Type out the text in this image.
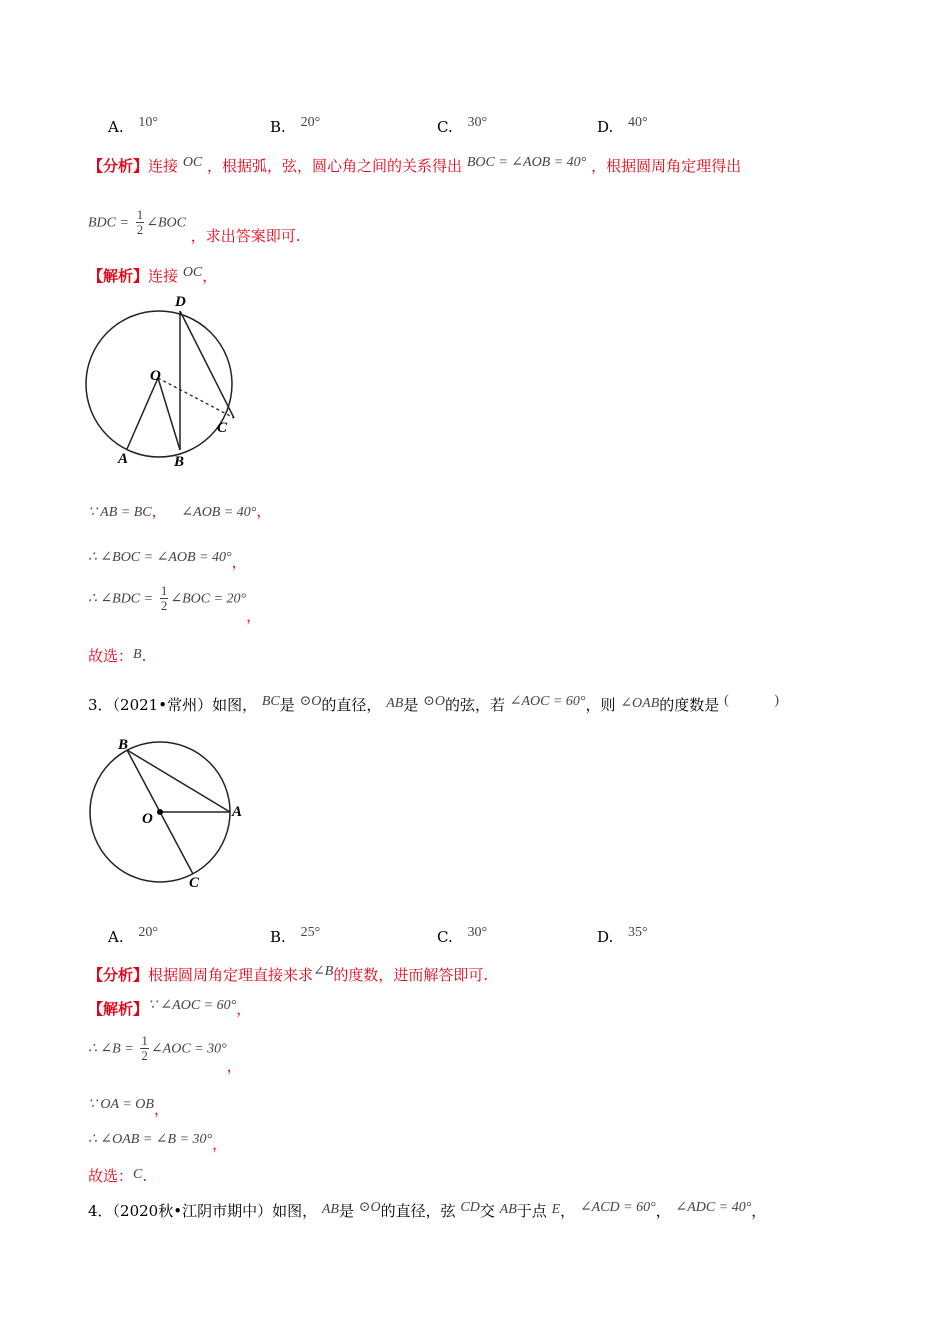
A. 10°	B. 20°	C. 30°	D. 40°
【分析】连接 OC ，根据弧，弦，圆心角之间的关系得出 BOC = ∠AOB = 40° ，根据圆周角定理得出
BDC = $\frac{1}{2}$ ∠BOC ，求出答案即可.
【解析】连接 OC，
D
O
C
A	B
∵ AB = BC， ∠AOB = 40°，
∴ ∠BOC = ∠AOB = 40°，
∴ ∠BDC = $\frac{1}{2}$ ∠BOC = 20°，
故选：B.
3．（2021•常州）如图， BC是 ⊙O的直径， AB是 ⊙O的弦，若 ∠AOC = 60°，则 ∠OAB的度数是 (	)
B
O	A
C
A. 20°	B. 25°	C. 30°	D. 35°
【分析】根据圆周角定理直接来求∠B的度数，进而解答即可.
【解析】∵ ∠AOC = 60°，
∴ ∠B = $\frac{1}{2}$ ∠AOC = 30°，
∵ OA = OB，
∴ ∠OAB = ∠B = 30°，
故选：C.
4．（2020秋•江阴市期中）如图， AB是 ⊙O的直径，弦 CD交 AB于点 E， ∠ACD = 60°， ∠ADC = 40°，
